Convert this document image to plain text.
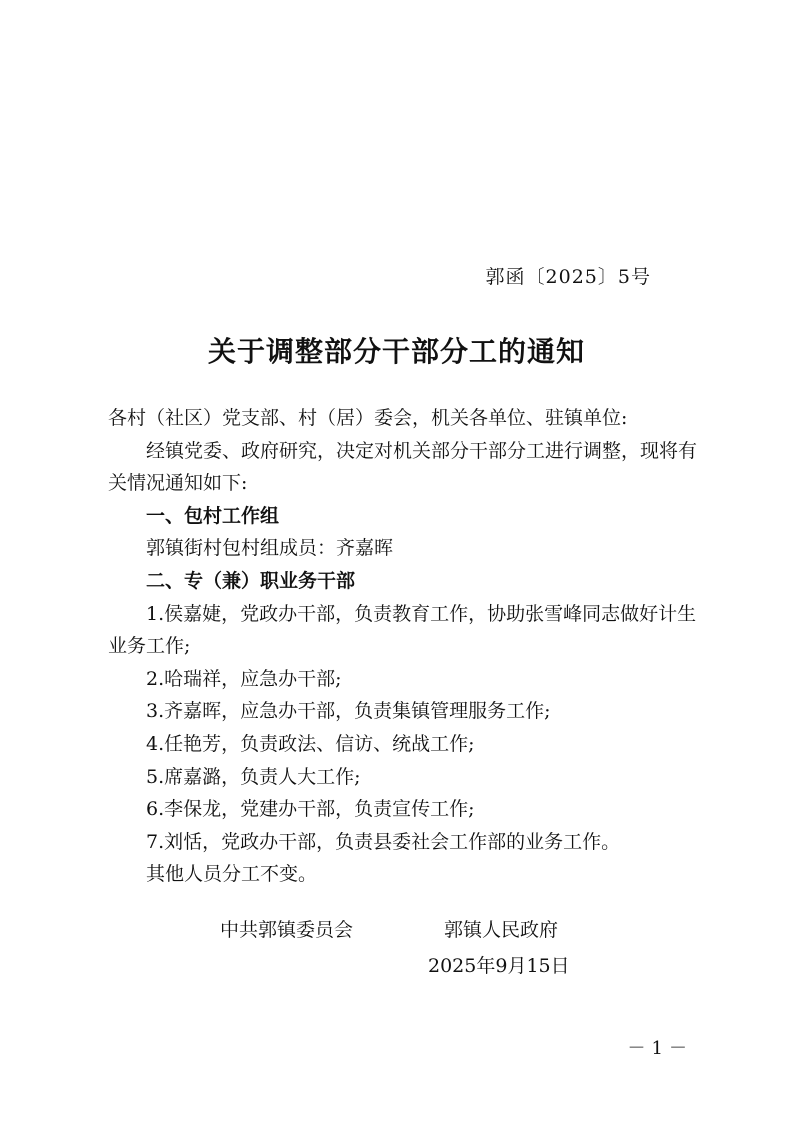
郭函〔2025〕5号
关于调整部分干部分工的通知
各村（社区）党支部、村（居）委会，机关各单位、驻镇单位:
经镇党委、政府研究，决定对机关部分干部分工进行调整，现将有关情况通知如下:
一、包村工作组
郭镇街村包村组成员：齐嘉晖
二、专（兼）职业务干部
1.侯嘉婕，党政办干部，负责教育工作，协助张雪峰同志做好计生业务工作;
2.哈瑞祥，应急办干部;
3.齐嘉晖，应急办干部，负责集镇管理服务工作;
4.任艳芳，负责政法、信访、统战工作;
5.席嘉潞，负责人大工作;
6.李保龙，党建办干部，负责宣传工作;
7.刘恬，党政办干部，负责县委社会工作部的业务工作。
其他人员分工不变。
中共郭镇委员会	郭镇人民政府
2025年9月15日
－1－
